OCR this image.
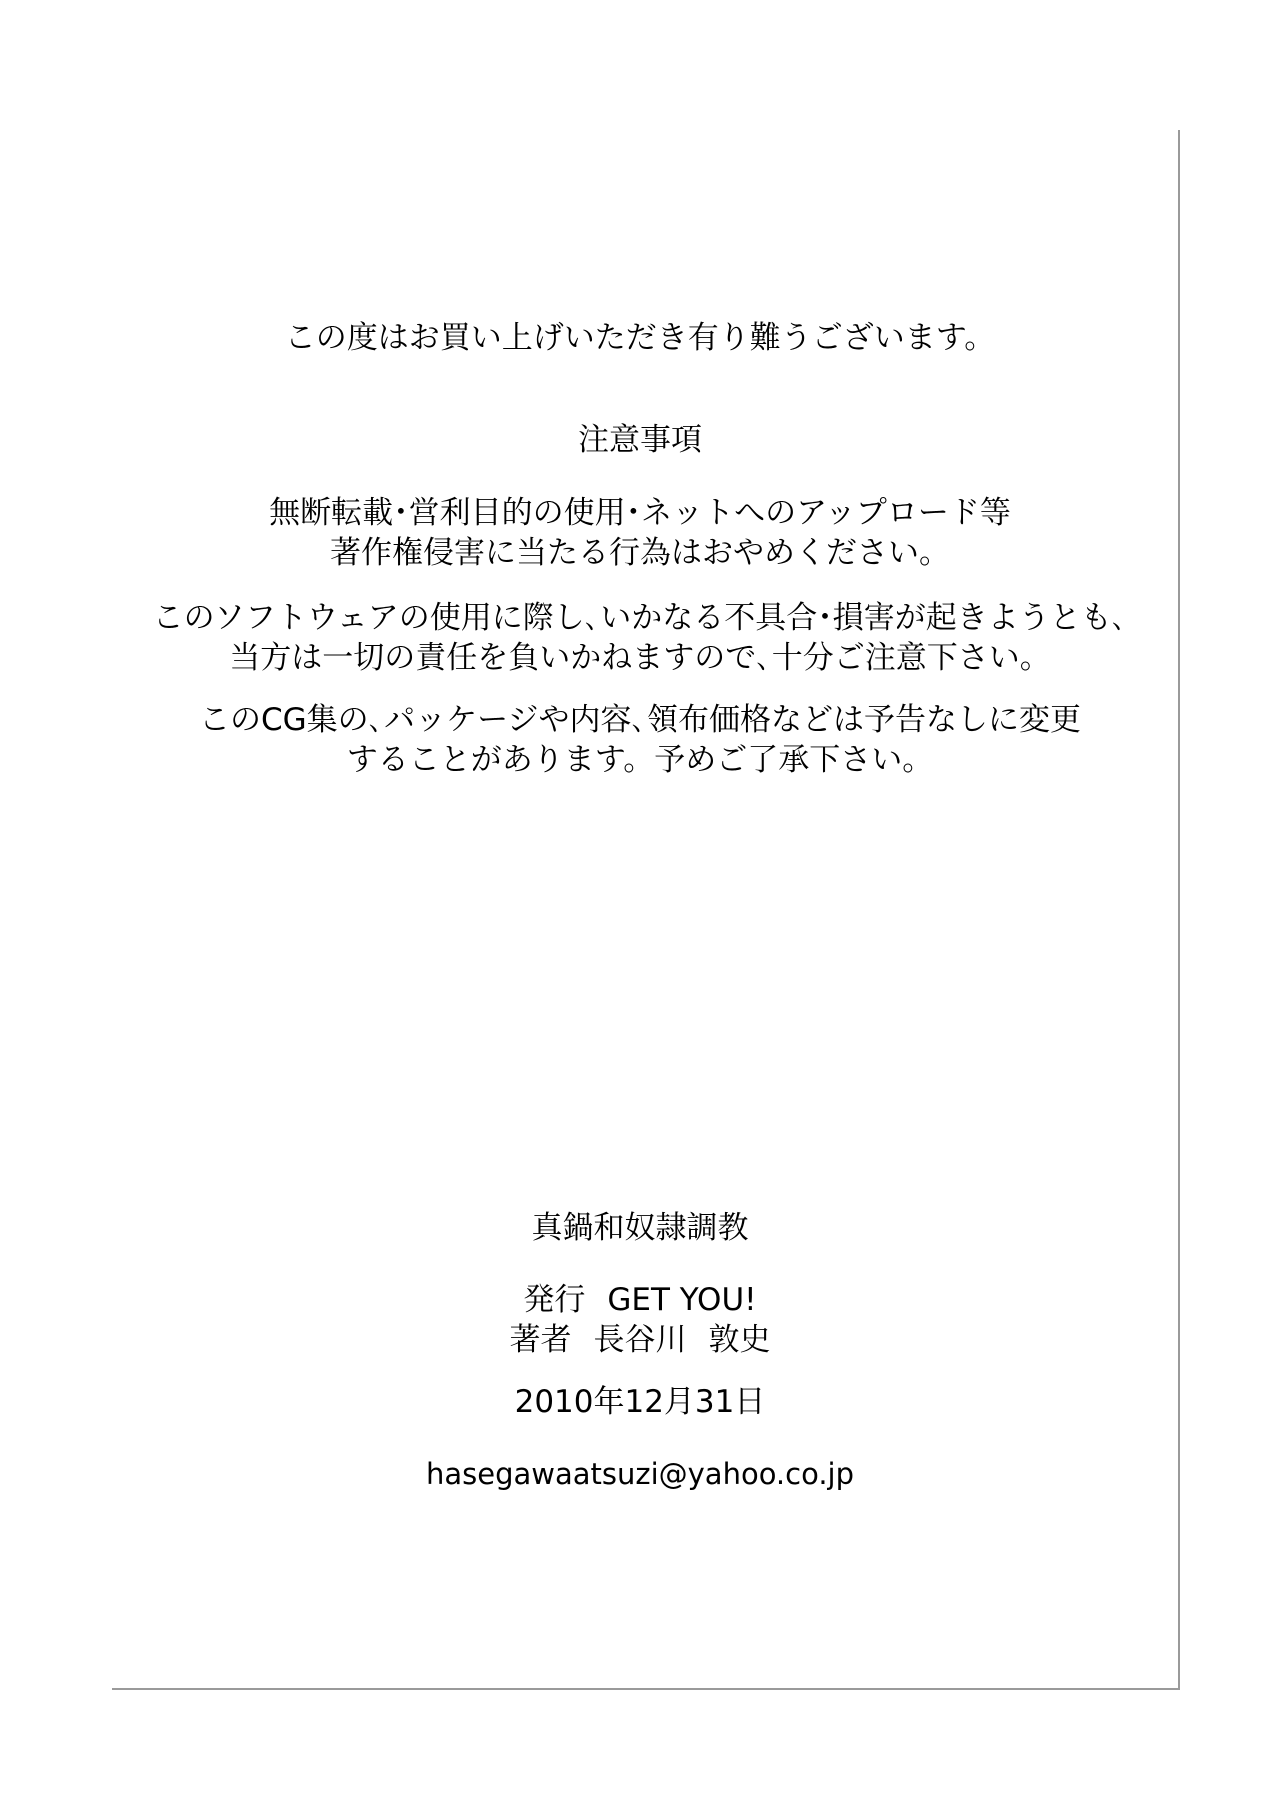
この度はお買い上げいただき有り難うございます。
注意事項
無断転載･営利目的の使用･ネットへのアップロード等
著作権侵害に当たる行為はおやめください。
このソフトウェアの使用に際し､いかなる不具合･損害が起きようとも､
当方は一切の責任を負いかねますので､十分ご注意下さい。
このCG集の､パッケージや内容､領布価格などは予告なしに変更
することがあります。予めご了承下さい。
真鍋和奴隷調教
発行 GET YOU!
著者 長谷川 敦史
2010年12月31日
hasegawaatsuzi@yahoo.co.jp
